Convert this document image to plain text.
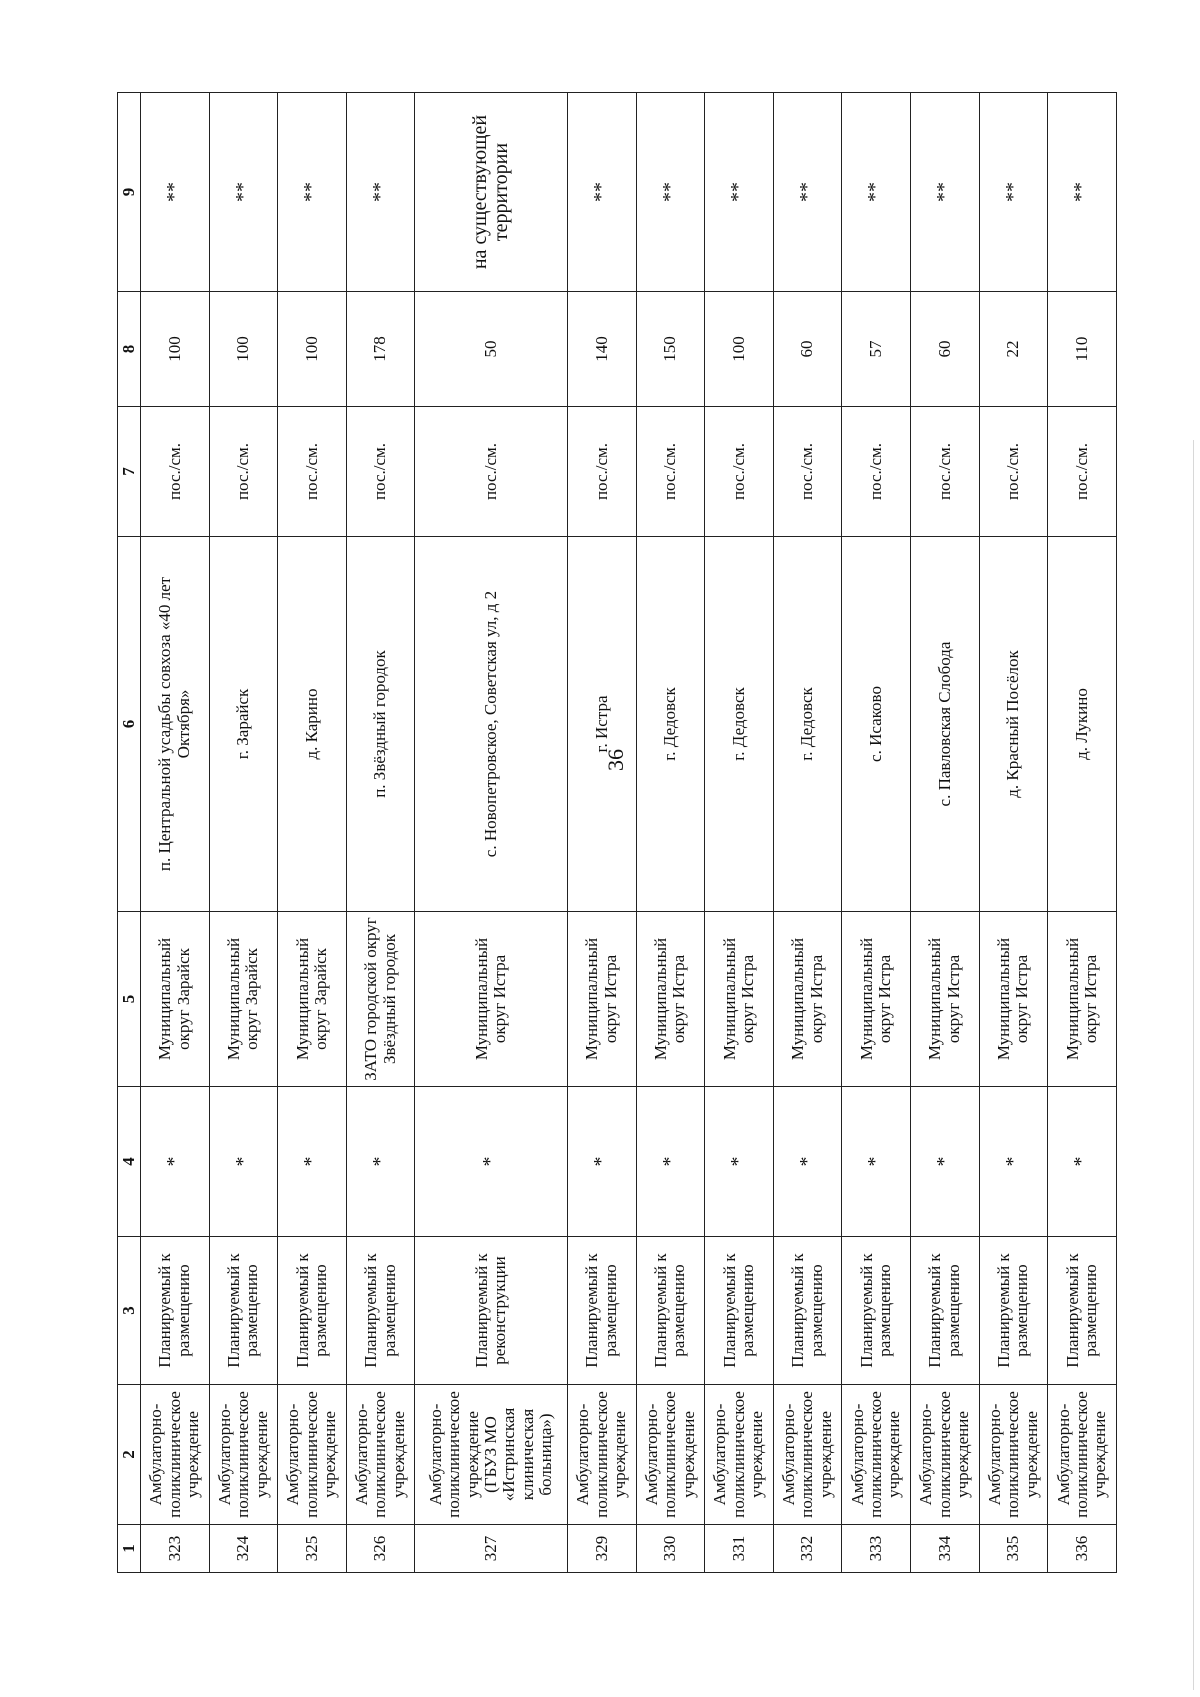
36
1	2	3	4	5	6	7	8	9
323	Амбулаторно-поликлиническое учреждение	Планируемый к размещению	*	Муниципальный округ Зарайск	п. Центральной усадьбы совхоза «40 лет Октября»	пос./см.	100	**
324	Амбулаторно-поликлиническое учреждение	Планируемый к размещению	*	Муниципальный округ Зарайск	г. Зарайск	пос./см.	100	**
325	Амбулаторно-поликлиническое учреждение	Планируемый к размещению	*	Муниципальный округ Зарайск	д. Карино	пос./см.	100	**
326	Амбулаторно-поликлиническое учреждение	Планируемый к размещению	*	ЗАТО городской округ Звёздный городок	п. Звёздный городок	пос./см.	178	**
327	Амбулаторно-поликлиническое учреждение (ГБУЗ МО «Истринская клиническая больница»)	Планируемый к реконструкции	*	Муниципальный округ Истра	с. Новопетровское, Советская ул, д 2	пос./см.	50	на существующей территории
329	Амбулаторно-поликлиническое учреждение	Планируемый к размещению	*	Муниципальный округ Истра	г. Истра	пос./см.	140	**
330	Амбулаторно-поликлиническое учреждение	Планируемый к размещению	*	Муниципальный округ Истра	г. Дедовск	пос./см.	150	**
331	Амбулаторно-поликлиническое учреждение	Планируемый к размещению	*	Муниципальный округ Истра	г. Дедовск	пос./см.	100	**
332	Амбулаторно-поликлиническое учреждение	Планируемый к размещению	*	Муниципальный округ Истра	г. Дедовск	пос./см.	60	**
333	Амбулаторно-поликлиническое учреждение	Планируемый к размещению	*	Муниципальный округ Истра	с. Исаково	пос./см.	57	**
334	Амбулаторно-поликлиническое учреждение	Планируемый к размещению	*	Муниципальный округ Истра	с. Павловская Слобода	пос./см.	60	**
335	Амбулаторно-поликлиническое учреждение	Планируемый к размещению	*	Муниципальный округ Истра	д. Красный Посёлок	пос./см.	22	**
336	Амбулаторно-поликлиническое учреждение	Планируемый к размещению	*	Муниципальный округ Истра	д. Лукино	пос./см.	110	**
